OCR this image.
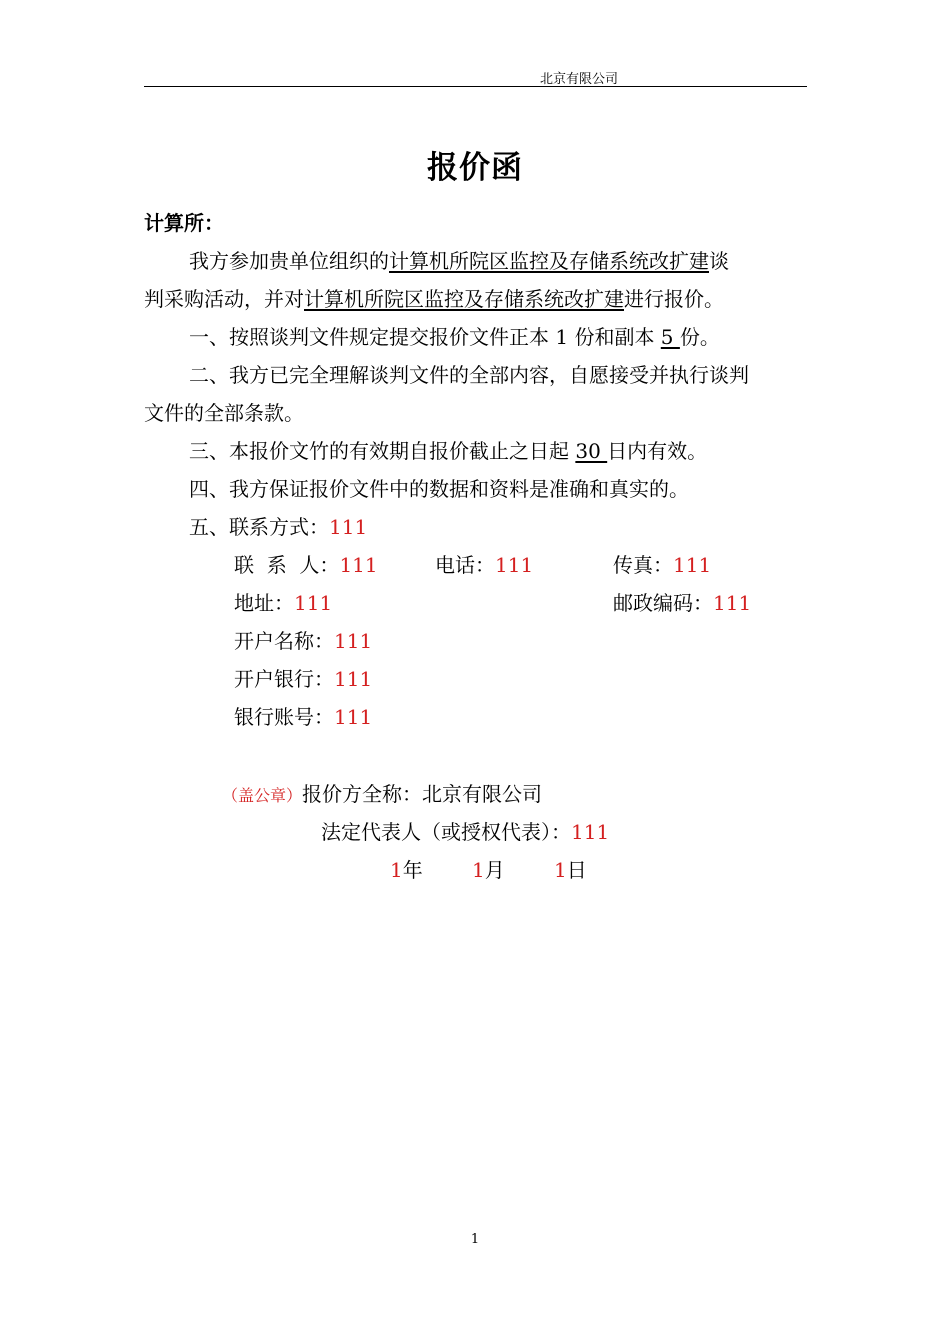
北京有限公司
报价函
计算所：
我方参加贵单位组织的计算机所院区监控及存储系统改扩建谈
判采购活动，并对计算机所院区监控及存储系统改扩建进行报价。
一、按照谈判文件规定提交报价文件正本 1 份和副本 5 份。
二、我方已完全理解谈判文件的全部内容，自愿接受并执行谈判
文件的全部条款。
三、本报价文竹的有效期自报价截止之日起 30 日内有效。
四、我方保证报价文件中的数据和资料是准确和真实的。
五、联系方式：111
联  系  人：111	电话：111	传真：111
地址：111	邮政编码：111
开户名称：111
开户银行：111
银行账号：111
（盖公章）报价方全称：北京有限公司
法定代表人（或授权代表）：111
1年 1月 1日
1
